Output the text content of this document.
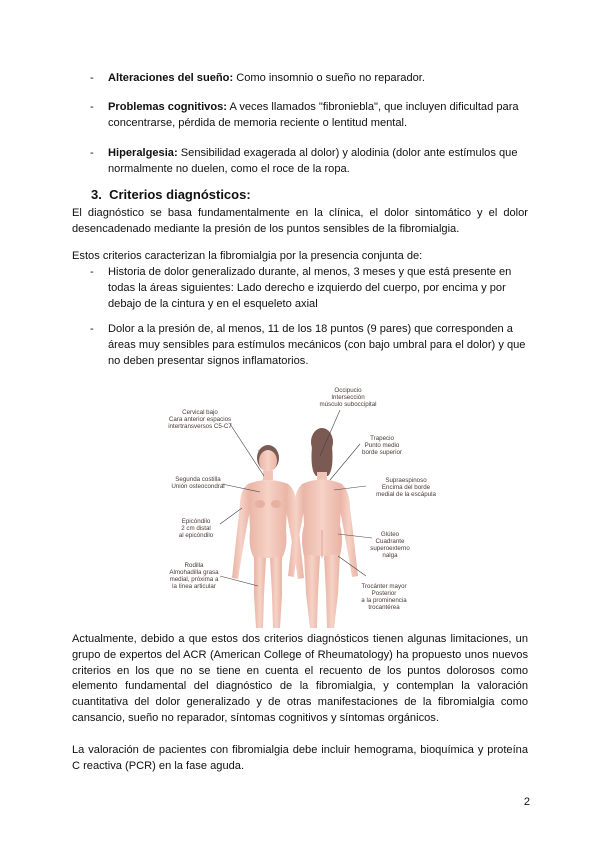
- Alteraciones del sueño: Como insomnio o sueño no reparador.
- Problemas cognitivos: A veces llamados "fibroniebla", que incluyen dificultad para
concentrarse, pérdida de memoria reciente o lentitud mental.
- Hiperalgesia: Sensibilidad exagerada al dolor) y alodinia (dolor ante estímulos que
normalmente no duelen, como el roce de la ropa.
3. Criterios diagnósticos:
El diagnóstico se basa fundamentalmente en la clínica, el dolor sintomático y el dolor desencadenado mediante la presión de los puntos sensibles de la fibromialgia.
Estos criterios caracterizan la fibromialgia por la presencia conjunta de:
- Historia de dolor generalizado durante, al menos, 3 meses y que está presente en
todas la áreas siguientes: Lado derecho e izquierdo del cuerpo, por encima y por
debajo de la cintura y en el esqueleto axial
- Dolor a la presión de, al menos, 11 de los 18 puntos (9 pares) que corresponden a
áreas muy sensibles para estímulos mecánicos (con bajo umbral para el dolor) y que
no deben presentar signos inflamatorios.
Cervical bajo
Cara anterior espacios
intertransversos C5-C7
Segunda costilla
Unión osteocondral
Epicóndilo
2 cm distal
al epicóndilo
Rodilla
Almohadilla grasa
medial, próxima a
la línea articular
Occipucio
Intersección
músculo suboccipital
Trapecio
Punto medio
borde superior
Supraespinoso
Encima del borde
medial de la escápula
Glúteo
Cuadrante
superoexterno
nalga
Trocánter mayor
Posterior
a la prominencia
trocantérea
Actualmente, debido a que estos dos criterios diagnósticos tienen algunas limitaciones, un grupo de expertos del ACR (American College of Rheumatology) ha propuesto unos nuevos criterios en los que no se tiene en cuenta el recuento de los puntos dolorosos como elemento fundamental del diagnóstico de la fibromialgia, y contemplan la valoración cuantitativa del dolor generalizado y de otras manifestaciones de la fibromialgia como cansancio, sueño no reparador, síntomas cognitivos y síntomas orgánicos.
La valoración de pacientes con fibromialgia debe incluir hemograma, bioquímica y proteína C reactiva (PCR) en la fase aguda.
2
